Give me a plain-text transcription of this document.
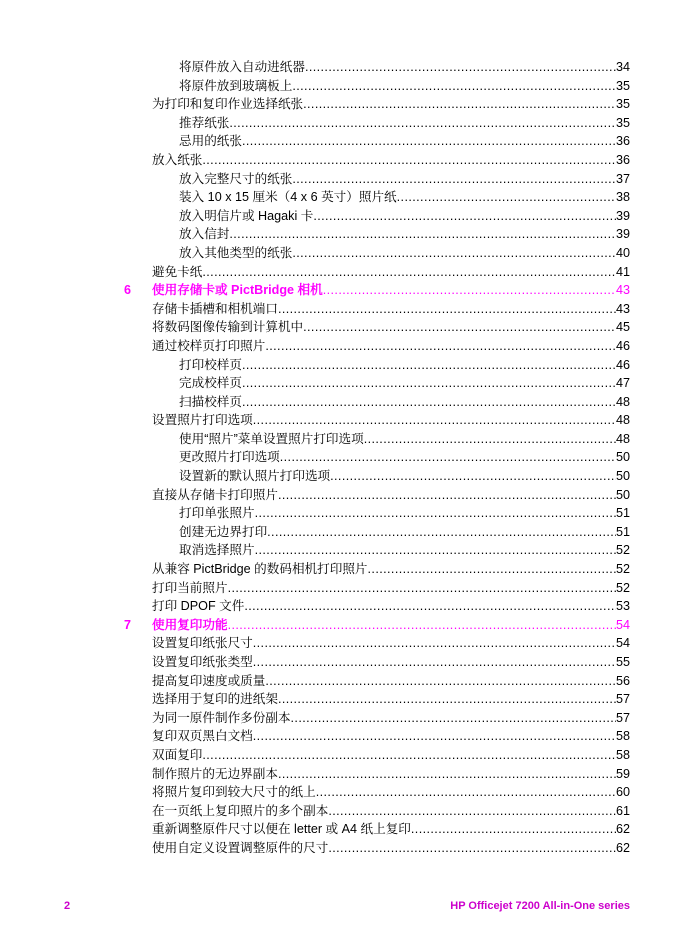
将原件放入自动进纸器 .....	34
将原件放到玻璃板上 .....	35
为打印和复印作业选择纸张 .....	35
推荐纸张 .....	35
忌用的纸张 .....	36
放入纸张 .....	36
放入完整尺寸的纸张 .....	37
装入 10 x 15 厘米（4 x 6 英寸）照片纸 .....	38
放入明信片或 Hagaki 卡 .....	39
放入信封 .....	39
放入其他类型的纸张 .....	40
避免卡纸 .....	41
6 使用存储卡或 PictBridge 相机 .....	43
存储卡插槽和相机端口 .....	43
将数码图像传输到计算机中 .....	45
通过校样页打印照片 .....	46
打印校样页 .....	46
完成校样页 .....	47
扫描校样页 .....	48
设置照片打印选项 .....	48
使用“照片”菜单设置照片打印选项 .....	48
更改照片打印选项 .....	50
设置新的默认照片打印选项 .....	50
直接从存储卡打印照片 .....	50
打印单张照片 .....	51
创建无边界打印 .....	51
取消选择照片 .....	52
从兼容 PictBridge 的数码相机打印照片 .....	52
打印当前照片 .....	52
打印 DPOF 文件 .....	53
7 使用复印功能 .....	54
设置复印纸张尺寸 .....	54
设置复印纸张类型 .....	55
提高复印速度或质量 .....	56
选择用于复印的进纸架 .....	57
为同一原件制作多份副本 .....	57
复印双页黑白文档 .....	58
双面复印 .....	58
制作照片的无边界副本 .....	59
将照片复印到较大尺寸的纸上 .....	60
在一页纸上复印照片的多个副本 .....	61
重新调整原件尺寸以便在 letter 或 A4 纸上复印 .....	62
使用自定义设置调整原件的尺寸 .....	62
2	HP Officejet 7200 All-in-One series
